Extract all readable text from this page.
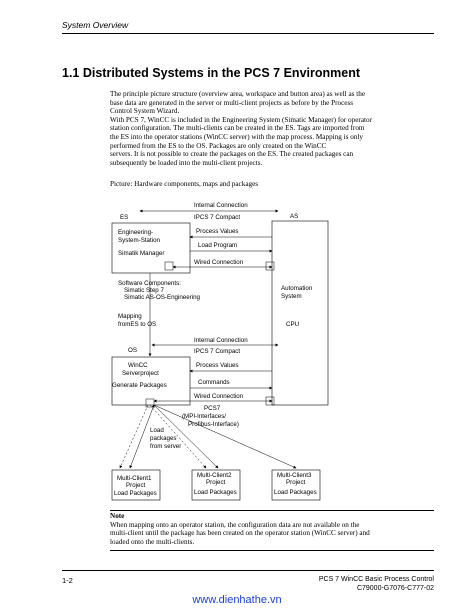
System Overview
1.1 Distributed Systems in the PCS 7 Environment

The principle picture structure (overview area, workspace and button area) as well as the

base data are generated in the server or multi-client projects as before by the Process

Control System Wizard.

With PCS 7, WinCC is included in the Engineering System (Simatic Manager) for operator

station configuration. The multi-clients can be created in the ES. Tags are imported from

the ES into the operator stations (WinCC server) with the map process. Mapping is only

performed from the ES to the OS. Packages are only created on the WinCC

servers. It is not possible to create the packages on the ES. The created packages can

subsequently be loaded into the multi-client projects.

Picture: Hardware components, maps and packages
AS
Automation
System
CPU
ES
Engineering-
System-Station
Simatik Manager
Internal Connection
IPCS 7 Compact
Process Values
Load Program
Wired Connection
Software Components:
Simatic Step 7
Simatic AS-OS-Engineering
Mapping
fromES to OS
OS
WinCC
Serverproject
Generate Packages
Internal Connection
IPCS 7 Compact
Process Values
Commands
Wired Connection
PCS7
(MPI-Interfaces/
Profibus-Interface)
Load
packages
from server
Multi-Client1
Project
Load Packages
Multi-Client2
Project
Load Packages
Multi-Client3
Project
Load Packages
Note
When mapping onto an operator station, the configuration data are not available on the
multi-client until the package has been created on the operator station (WinCC server) and
loaded onto the multi-clients.
1-2	PCS 7 WinCC Basic Process Control
C79000-G7076-C777-02
www.dienhathe.vn
